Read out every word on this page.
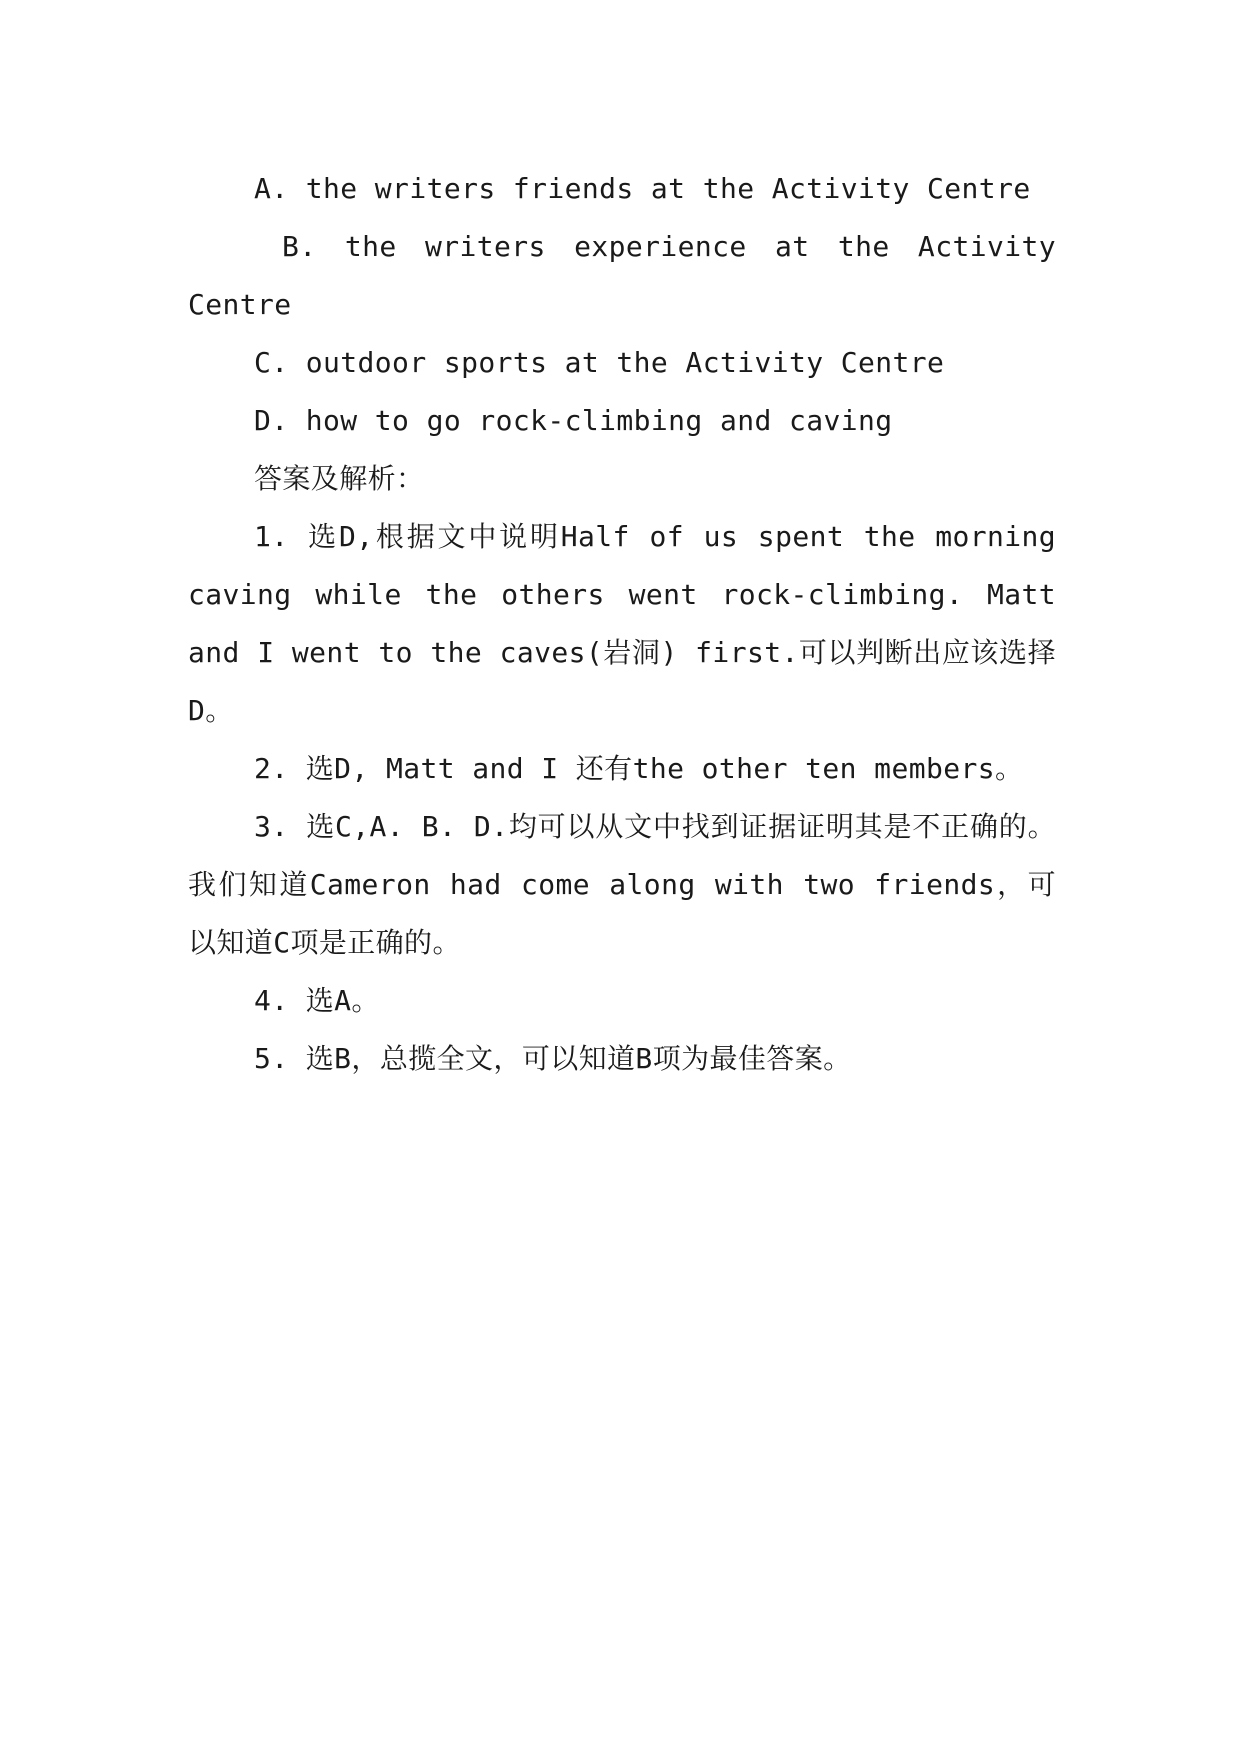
A. the writers friends at the Activity Centre

B. the writers experience at the Activity Centre

C. outdoor sports at the Activity Centre

D. how to go rock-climbing and caving

答案及解析：

1. 选D,根据文中说明Half of us spent the morning caving while the others went rock-climbing. Matt and I went to the caves(岩洞) first.可以判断出应该选择D。

2. 选D, Matt and I 还有the other ten members。

3. 选C,A. B. D.均可以从文中找到证据证明其是不正确的。我们知道Cameron had come along with two friends，可以知道C项是正确的。

4. 选A。

5. 选B，总揽全文，可以知道B项为最佳答案。
